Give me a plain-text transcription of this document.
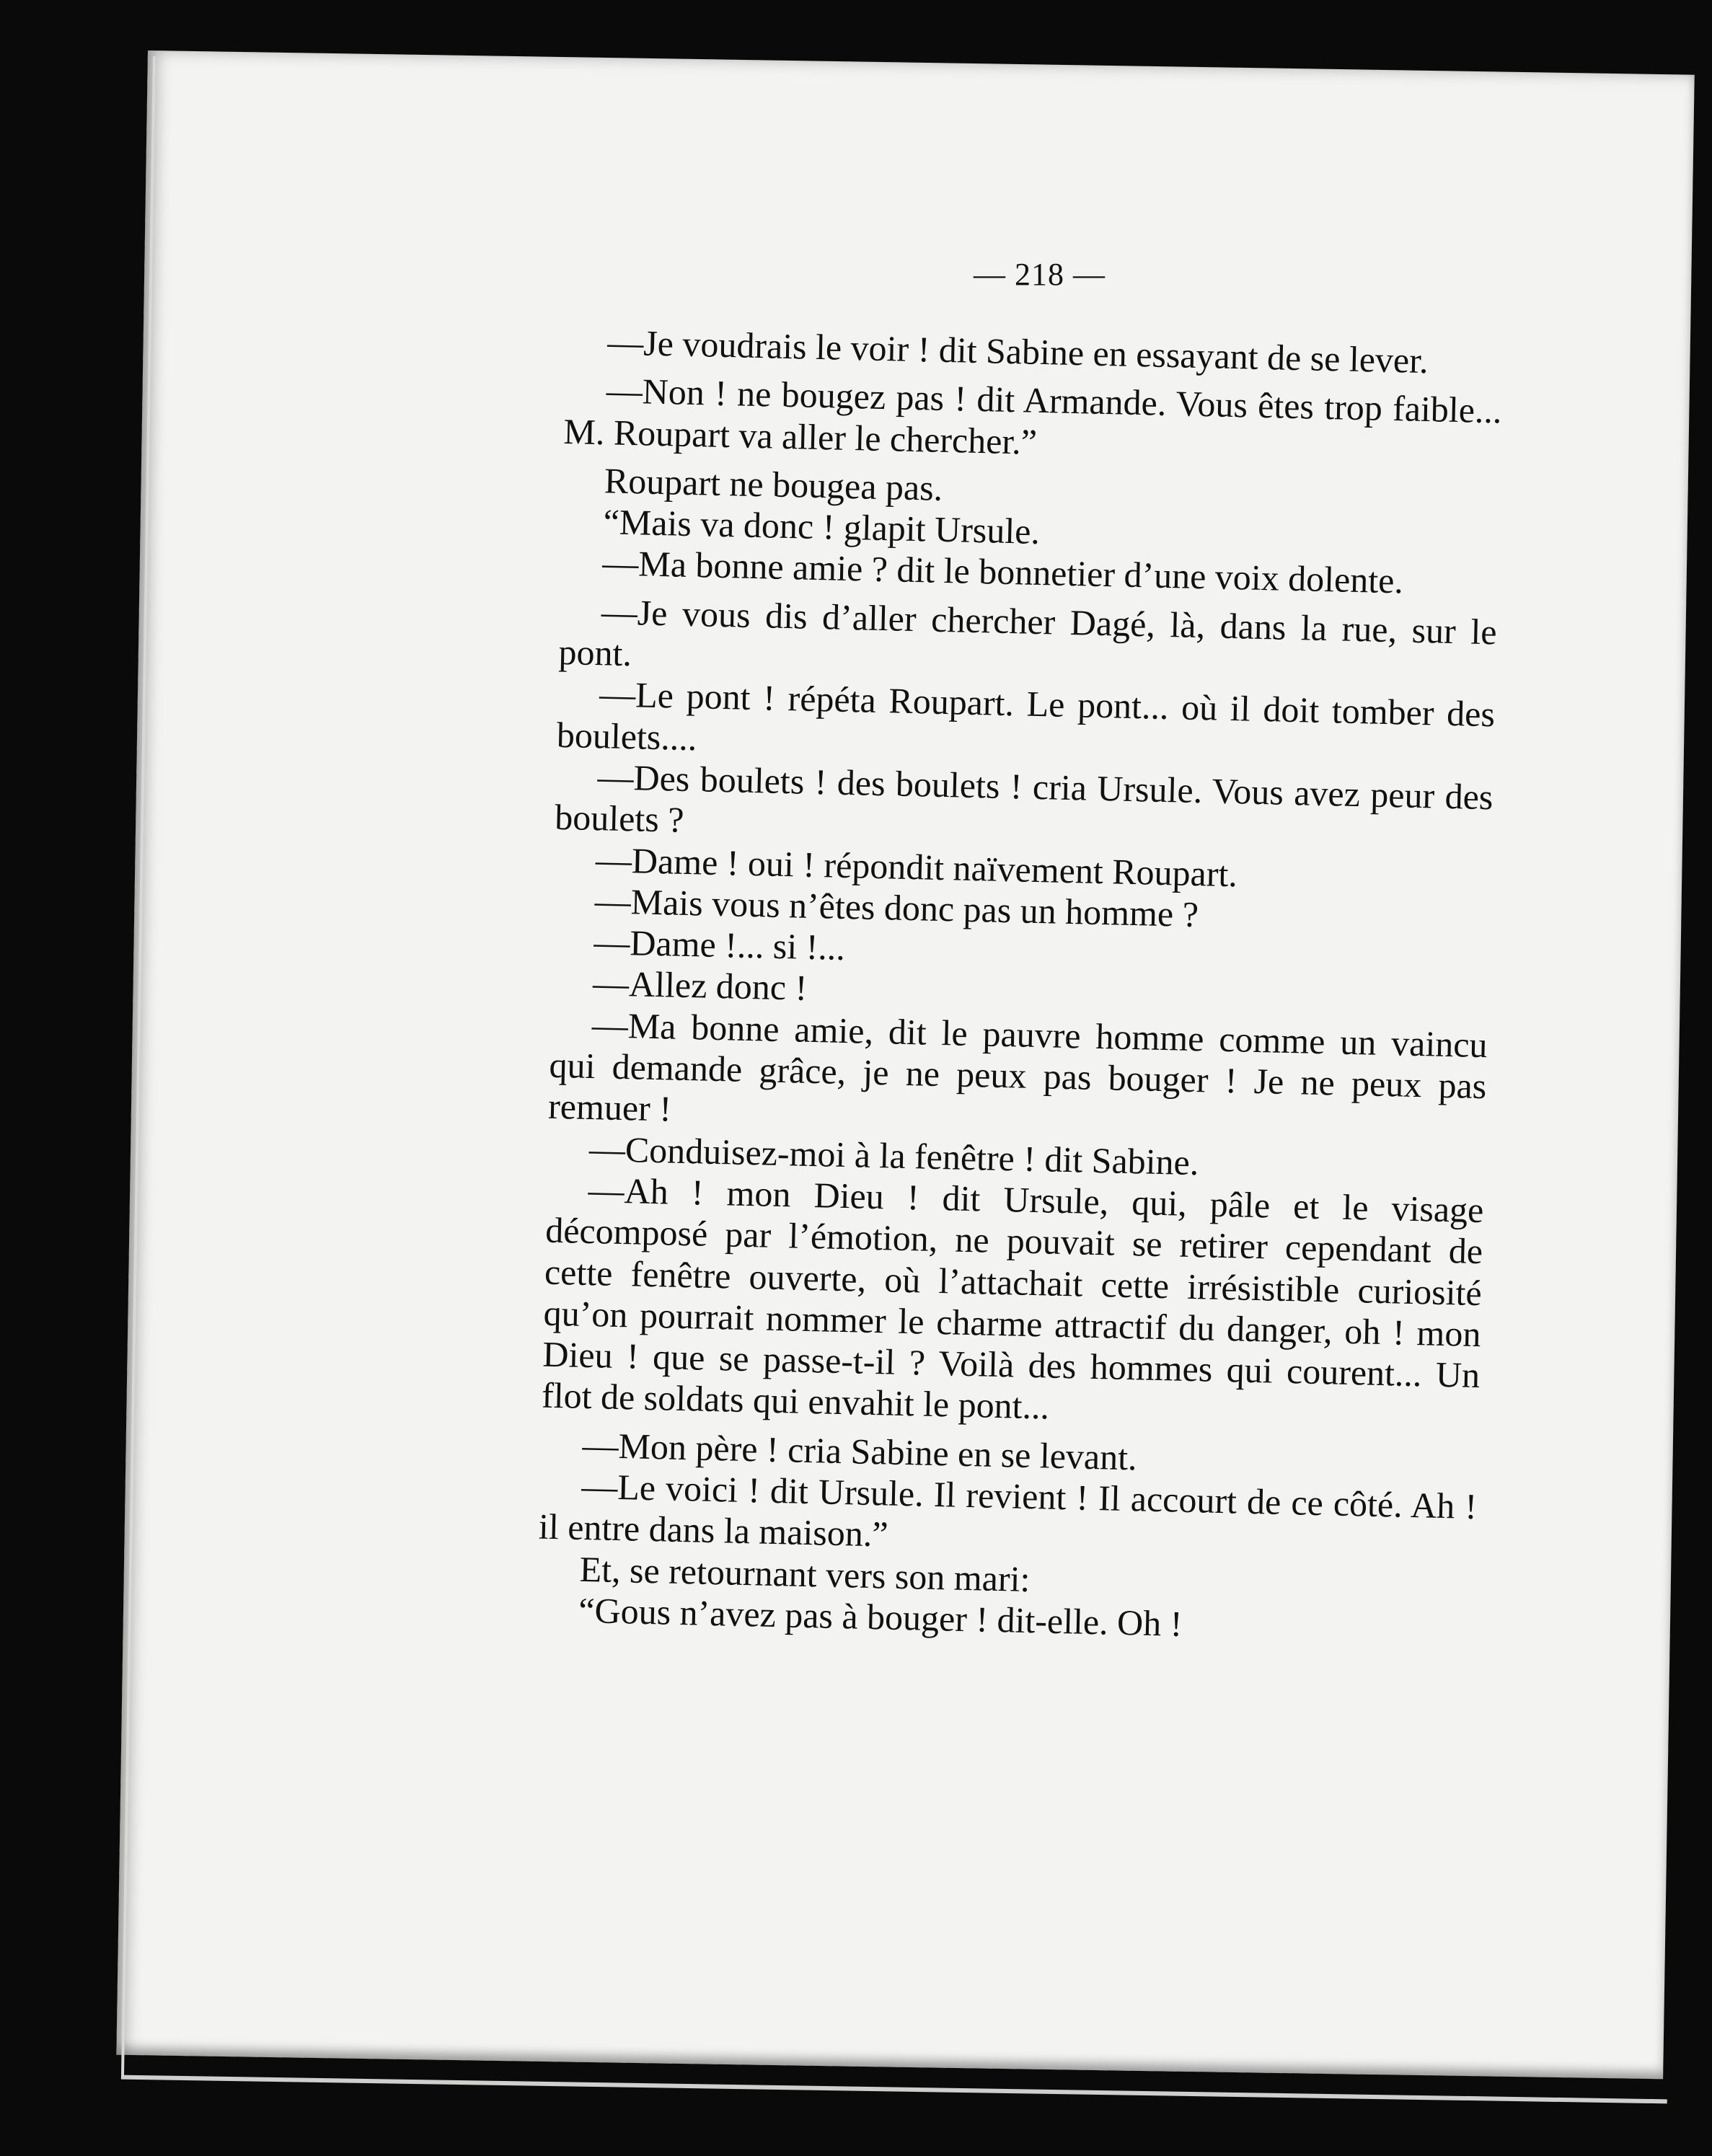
— 218 —

—Je voudrais le voir ! dit Sabine en essayant de se lever.

—Non ! ne bougez pas ! dit Armande. Vous êtes trop faible... M. Roupart va aller le chercher.”

Roupart ne bougea pas.

“Mais va donc ! glapit Ursule.

—Ma bonne amie ? dit le bonnetier d’une voix dolente.

—Je vous dis d’aller chercher Dagé, là, dans la rue, sur le pont.

—Le pont ! répéta Roupart. Le pont... où il doit tomber des boulets....

—Des boulets ! des boulets ! cria Ursule. Vous avez peur des boulets ?

—Dame ! oui ! répondit naïvement Roupart.

—Mais vous n’êtes donc pas un homme ?

—Dame !... si !...

—Allez donc !

—Ma bonne amie, dit le pauvre homme comme un vaincu qui demande grâce, je ne peux pas bouger ! Je ne peux pas remuer !

—Conduisez-moi à la fenêtre ! dit Sabine.

—Ah ! mon Dieu ! dit Ursule, qui, pâle et le visage décomposé par l’émotion, ne pouvait se retirer cependant de cette fenêtre ouverte, où l’attachait cette irrésistible curiosité qu’on pourrait nommer le charme attractif du danger, oh ! mon Dieu ! que se passe-t-il ? Voilà des hommes qui courent... Un flot de soldats qui envahit le pont...

—Mon père ! cria Sabine en se levant.

—Le voici ! dit Ursule. Il revient ! Il accourt de ce côté. Ah ! il entre dans la maison.”

Et, se retournant vers son mari:

“Gous n’avez pas à bouger ! dit-elle. Oh !
